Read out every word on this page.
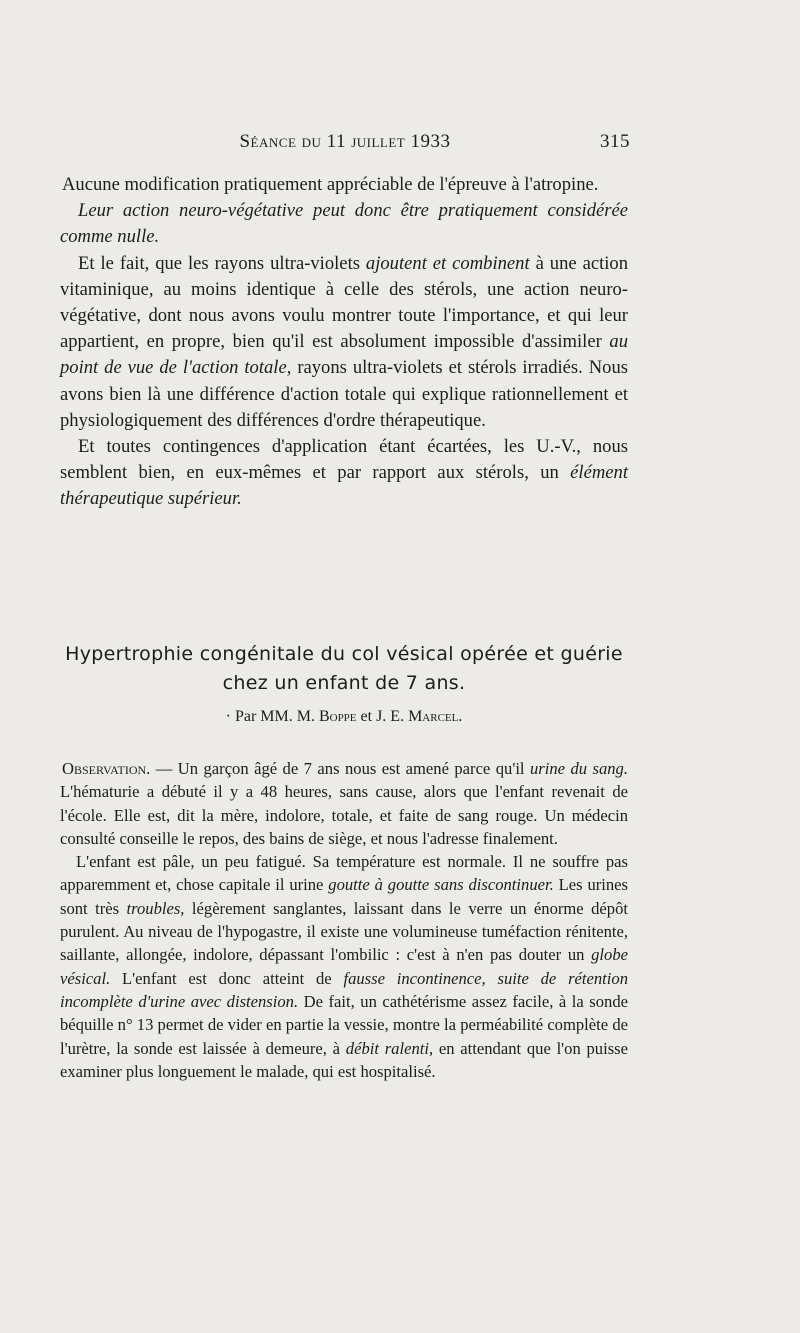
Séance du 11 juillet 1933	315

Aucune modification pratiquement appréciable de l'épreuve à l'atropine.

Leur action neuro-végétative peut donc être pratiquement considérée comme nulle.

Et le fait, que les rayons ultra-violets ajoutent et combinent à une action vitaminique, au moins identique à celle des stérols, une action neuro-végétative, dont nous avons voulu montrer toute l'importance, et qui leur appartient, en propre, bien qu'il est absolument impossible d'assimiler au point de vue de l'action totale, rayons ultra-violets et stérols irradiés. Nous avons bien là une différence d'action totale qui explique rationnellement et physiologiquement des différences d'ordre thérapeutique.

Et toutes contingences d'application étant écartées, les U.-V., nous semblent bien, en eux-mêmes et par rapport aux stérols, un élément thérapeutique supérieur.

Hypertrophie congénitale du col vésical opérée et guérie
chez un enfant de 7 ans.
· Par MM. M. Boppe et J. E. Marcel.

Observation. — Un garçon âgé de 7 ans nous est amené parce qu'il urine du sang. L'hématurie a débuté il y a 48 heures, sans cause, alors que l'enfant revenait de l'école. Elle est, dit la mère, indolore, totale, et faite de sang rouge. Un médecin consulté conseille le repos, des bains de siège, et nous l'adresse finalement.

L'enfant est pâle, un peu fatigué. Sa température est normale. Il ne souffre pas apparemment et, chose capitale il urine goutte à goutte sans discontinuer. Les urines sont très troubles, légèrement sanglantes, laissant dans le verre un énorme dépôt purulent. Au niveau de l'hypogastre, il existe une volumineuse tuméfaction rénitente, saillante, allongée, indolore, dépassant l'ombilic : c'est à n'en pas douter un globe vésical. L'enfant est donc atteint de fausse incontinence, suite de rétention incomplète d'urine avec distension. De fait, un cathétérisme assez facile, à la sonde béquille n° 13 permet de vider en partie la vessie, montre la perméabilité complète de l'urètre, la sonde est laissée à demeure, à débit ralenti, en attendant que l'on puisse examiner plus longuement le malade, qui est hospitalisé.
